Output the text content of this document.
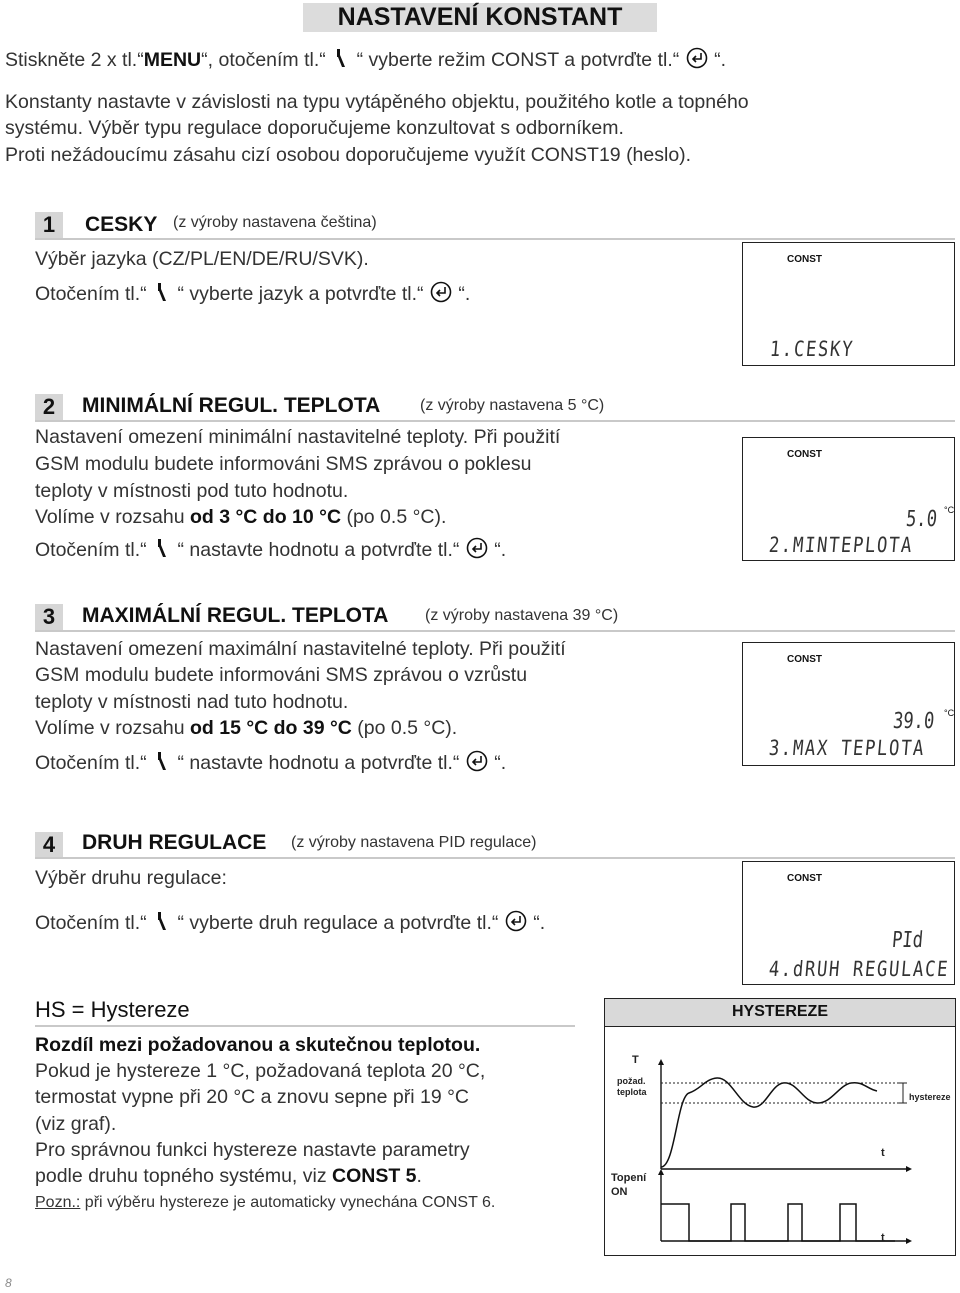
NASTAVENÍ KONSTANT
Stiskněte 2 x tl.“MENU“, otočením tl.“ “ vyberte režim CONST a potvrďte tl.“ “.
Konstanty nastavte v závislosti na typu vytápěného objektu, použitého kotle a topného
systému. Výběr typu regulace doporučujeme konzultovat s odborníkem.
Proti nežádoucímu zásahu cizí osobou doporučujeme využít CONST19 (heslo).
1	CESKY (z výroby nastavena čeština)
Výběr jazyka (CZ/PL/EN/DE/RU/SVK).
Otočením tl.“ “ vyberte jazyk a potvrďte tl.“ “.
CONST
1.CESKY
2	MINIMÁLNÍ REGUL. TEPLOTA (z výroby nastavena 5 °C)
Nastavení omezení minimální nastavitelné teploty. Při použití
GSM modulu budete informováni SMS zprávou o poklesu
teploty v místnosti pod tuto hodnotu.
Volíme v rozsahu od 3 °C do 10 °C (po 0.5 °C).
Otočením tl.“ “ nastavte hodnotu a potvrďte tl.“ “.
CONST
5.0 °C
2.MINTEPLOTA
3	MAXIMÁLNÍ REGUL. TEPLOTA (z výroby nastavena 39 °C)
Nastavení omezení maximální nastavitelné teploty. Při použití
GSM modulu budete informováni SMS zprávou o vzrůstu
teploty v místnosti nad tuto hodnotu.
Volíme v rozsahu od 15 °C do 39 °C (po 0.5 °C).
Otočením tl.“ “ nastavte hodnotu a potvrďte tl.“ “.
CONST
39.0 °C
3.MAX TEPLOTA
4	DRUH REGULACE (z výroby nastavena PID regulace)
Výběr druhu regulace:
Otočením tl.“ “ vyberte druh regulace a potvrďte tl.“ “.
CONST
PId
4.dRUH REGULACE
HS = Hystereze
Rozdíl mezi požadovanou a skutečnou teplotou.
Pokud je hystereze 1 °C, požadovaná teplota 20 °C,
termostat vypne při 20 °C a znovu sepne při 19 °C
(viz graf).
Pro správnou funkci hystereze nastavte parametry
podle druhu topného systému, viz CONST 5.
Pozn.: při výběru hystereze je automaticky vynechána CONST 6.
HYSTEREZE
T
požad.
teplota	hystereze
t
Topení
ON
t
8
